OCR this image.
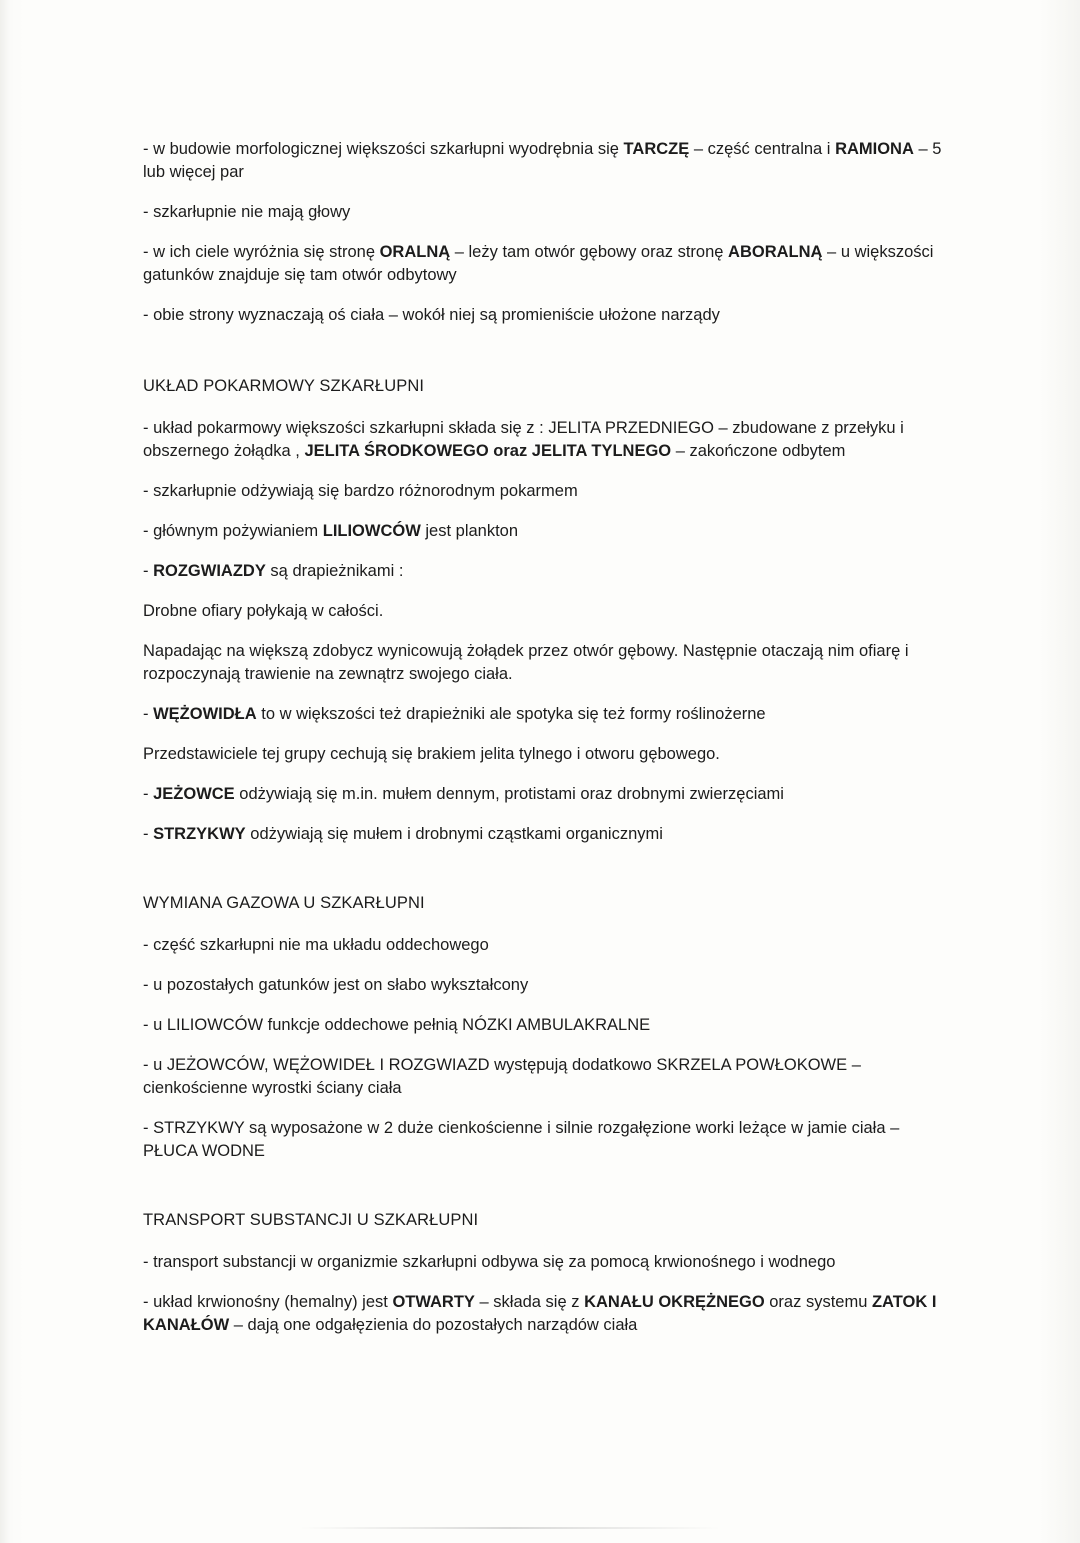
- w budowie morfologicznej większości szkarłupni wyodrębnia się TARCZĘ – część centralna i RAMIONA – 5 lub więcej par
- szkarłupnie nie mają głowy
- w ich ciele wyróżnia się stronę ORALNĄ – leży tam otwór gębowy oraz stronę ABORALNĄ – u większości gatunków znajduje się tam otwór odbytowy
- obie strony wyznaczają oś ciała – wokół niej są promieniście ułożone narządy
UKŁAD POKARMOWY SZKARŁUPNI
- układ pokarmowy większości szkarłupni składa się z : JELITA PRZEDNIEGO – zbudowane z przełyku i obszernego żołądka , JELITA ŚRODKOWEGO oraz JELITA TYLNEGO – zakończone odbytem
- szkarłupnie odżywiają się bardzo różnorodnym pokarmem
- głównym pożywianiem LILIOWCÓW jest plankton
- ROZGWIAZDY są drapieżnikami :
Drobne ofiary połykają w całości.
Napadając na większą zdobycz wynicowują żołądek przez otwór gębowy. Następnie otaczają nim ofiarę i rozpoczynają trawienie na zewnątrz swojego ciała.
- WĘŻOWIDŁA to w większości też drapieżniki ale spotyka się też formy roślinożerne
Przedstawiciele tej grupy cechują się brakiem jelita tylnego i otworu gębowego.
- JEŻOWCE odżywiają się m.in. mułem dennym, protistami oraz drobnymi zwierzęciami
- STRZYKWY odżywiają się mułem i drobnymi cząstkami organicznymi
WYMIANA GAZOWA U SZKARŁUPNI
- część szkarłupni nie ma układu oddechowego
- u pozostałych gatunków jest on słabo wykształcony
- u LILIOWCÓW funkcje oddechowe pełnią NÓZKI AMBULAKRALNE
- u JEŻOWCÓW, WĘŻOWIDEŁ I ROZGWIAZD występują dodatkowo SKRZELA POWŁOKOWE – cienkościenne wyrostki ściany ciała
- STRZYKWY są wyposażone w 2 duże cienkościenne i silnie rozgałęzione worki leżące w jamie ciała – PŁUCA WODNE
TRANSPORT SUBSTANCJI U SZKARŁUPNI
- transport substancji w organizmie szkarłupni odbywa się za pomocą krwionośnego i wodnego
- układ krwionośny (hemalny) jest OTWARTY – składa się z KANAŁU OKRĘŻNEGO oraz systemu ZATOK I KANAŁÓW – dają one odgałęzienia do pozostałych narządów ciała
